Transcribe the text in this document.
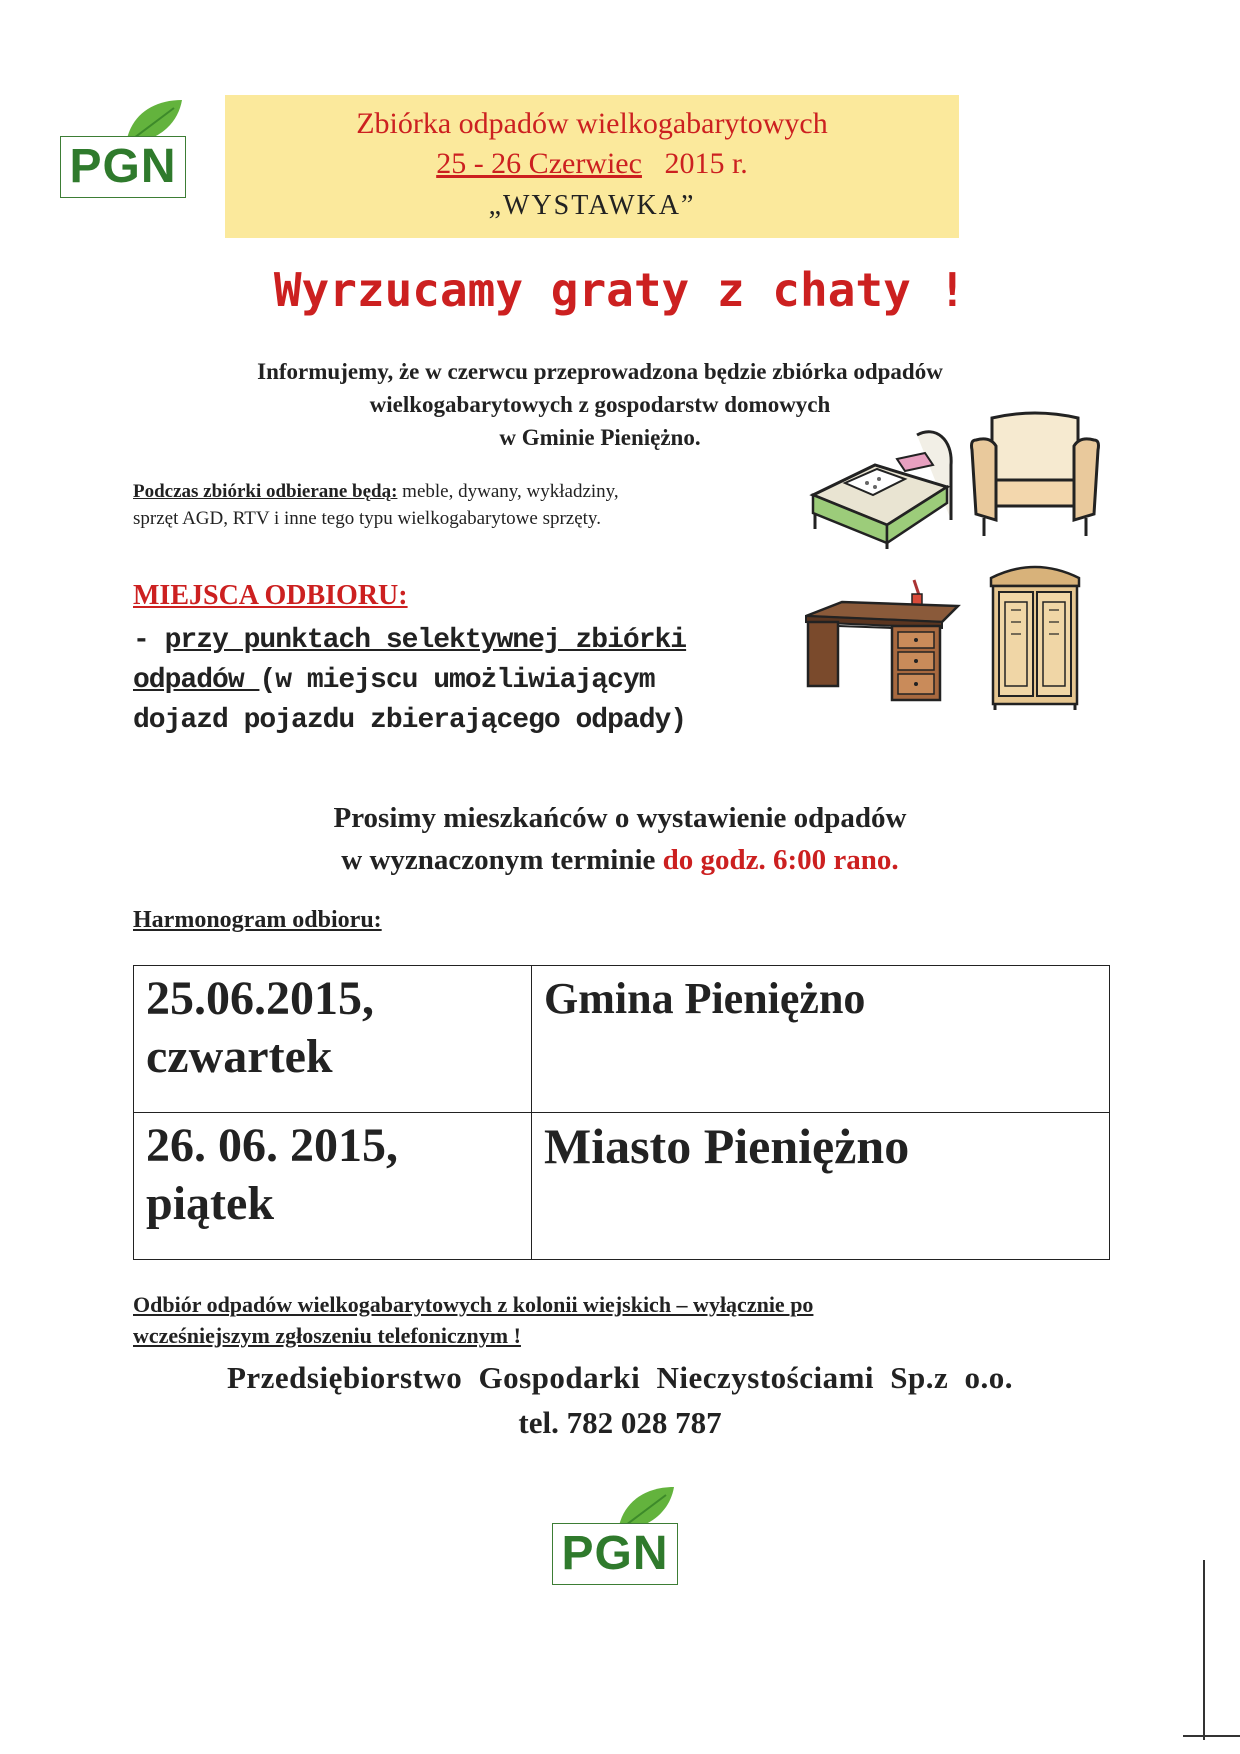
PGN
Zbiórka odpadów wielkogabarytowych
25 - 26 Czerwiec 2015 r.
„WYSTAWKA”
Wyrzucamy graty z chaty !
Informujemy, że w czerwcu przeprowadzona będzie zbiórka odpadów
wielkogabarytowych z gospodarstw domowych
w Gminie Pieniężno.
Podczas zbiórki odbierane będą: meble, dywany, wykładziny,
sprzęt AGD, RTV i inne tego typu wielkogabarytowe sprzęty.
MIEJSCA ODBIORU:
- przy punktach selektywnej zbiórki
odpadów (w miejscu umożliwiającym
dojazd pojazdu zbierającego odpady)
Prosimy mieszkańców o wystawienie odpadów
w wyznaczonym terminie do godz. 6:00 rano.
Harmonogram odbioru:
25.06.2015,
czwartek	Gmina Pieniężno

26. 06. 2015,
piątek	Miasto Pieniężno
Odbiór odpadów wielkogabarytowych z kolonii wiejskich – wyłącznie po
wcześniejszym zgłoszeniu telefonicznym !
Przedsiębiorstwo Gospodarki Nieczystościami Sp.z o.o.
tel. 782 028 787
PGN
